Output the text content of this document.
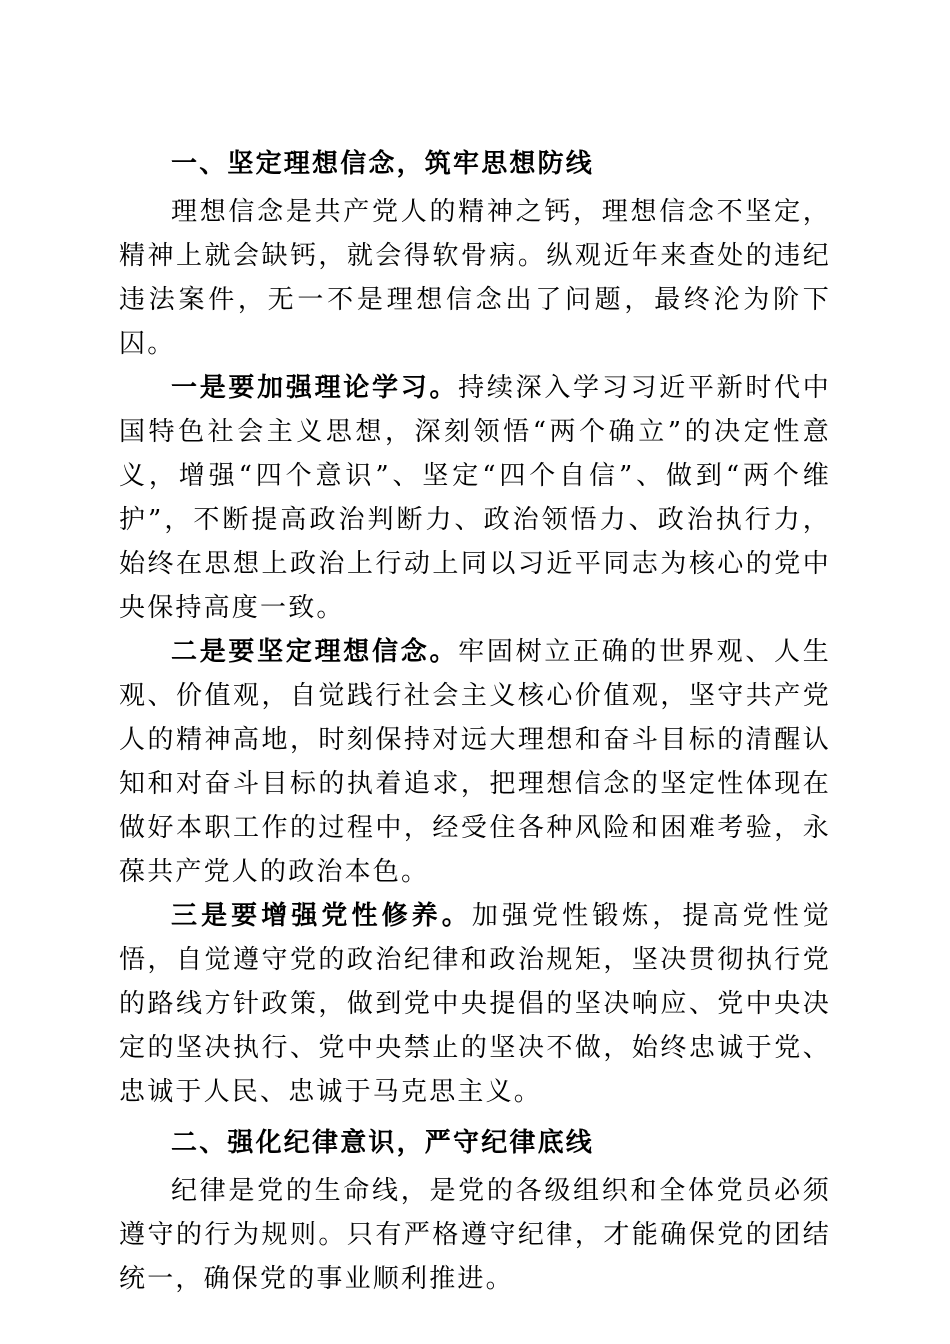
一、坚定理想信念，筑牢思想防线

理想信念是共产党人的精神之钙，理想信念不坚定，精神上就会缺钙，就会得软骨病。纵观近年来查处的违纪违法案件，无一不是理想信念出了问题，最终沦为阶下囚。

一是要加强理论学习。持续深入学习习近平新时代中国特色社会主义思想，深刻领悟“两个确立”的决定性意义，增强“四个意识”、坚定“四个自信”、做到“两个维护”，不断提高政治判断力、政治领悟力、政治执行力，始终在思想上政治上行动上同以习近平同志为核心的党中央保持高度一致。

二是要坚定理想信念。牢固树立正确的世界观、人生观、价值观，自觉践行社会主义核心价值观，坚守共产党人的精神高地，时刻保持对远大理想和奋斗目标的清醒认知和对奋斗目标的执着追求，把理想信念的坚定性体现在做好本职工作的过程中，经受住各种风险和困难考验，永葆共产党人的政治本色。

三是要增强党性修养。加强党性锻炼，提高党性觉悟，自觉遵守党的政治纪律和政治规矩，坚决贯彻执行党的路线方针政策，做到党中央提倡的坚决响应、党中央决定的坚决执行、党中央禁止的坚决不做，始终忠诚于党、忠诚于人民、忠诚于马克思主义。

二、强化纪律意识，严守纪律底线

纪律是党的生命线，是党的各级组织和全体党员必须遵守的行为规则。只有严格遵守纪律，才能确保党的团结统一，确保党的事业顺利推进。
